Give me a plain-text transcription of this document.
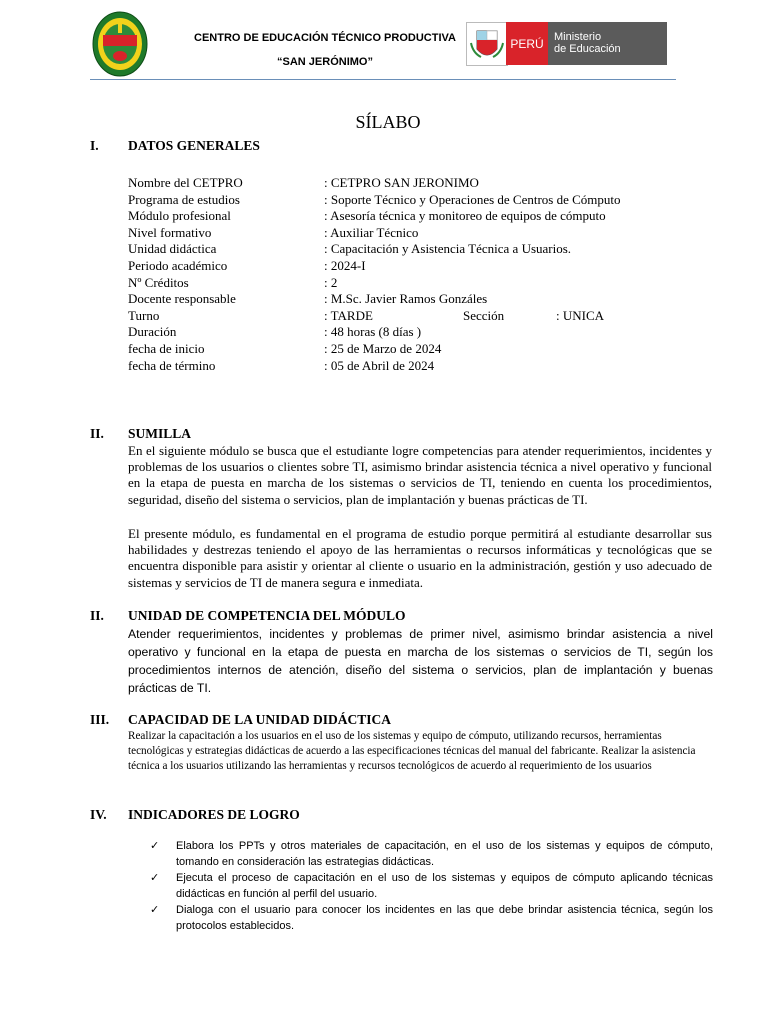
CENTRO DE EDUCACIÓN TÉCNICO PRODUCTIVA
“SAN JERÓNIMO”
PERÚ Ministerio
de Educación
SÍLABO
I. DATOS GENERALES
Nombre del CETPRO	: CETPRO SAN JERONIMO
Programa de estudios	: Soporte Técnico y Operaciones de Centros de Cómputo
Módulo profesional	: Asesoría técnica y monitoreo de equipos de cómputo
Nivel formativo	: Auxiliar Técnico
Unidad didáctica	: Capacitación y Asistencia Técnica a Usuarios.
Periodo académico	: 2024-I
Nº Créditos	: 2
Docente responsable	: M.Sc. Javier Ramos Gonzáles
Turno	: TARDE	Sección	: UNICA
Duración	: 48 horas (8 días )
fecha de inicio	: 25 de Marzo de 2024
fecha de término	: 05 de Abril de 2024
II. SUMILLA
En el siguiente módulo se busca que el estudiante logre competencias para atender requerimientos, incidentes y problemas de los usuarios o clientes sobre TI, asimismo brindar asistencia técnica a nivel operativo y funcional en la etapa de puesta en marcha de los sistemas o servicios de TI, teniendo en cuenta los procedimientos, seguridad, diseño del sistema o servicios, plan de implantación y buenas prácticas de TI.
El presente módulo, es fundamental en el programa de estudio porque permitirá al estudiante desarrollar sus habilidades y destrezas teniendo el apoyo de las herramientas o recursos informáticas y tecnológicas que se encuentra disponible para asistir y orientar al cliente o usuario en la administración, gestión y uso adecuado de sistemas y servicios de TI de manera segura e inmediata.
II. UNIDAD DE COMPETENCIA DEL MÓDULO
Atender requerimientos, incidentes y problemas de primer nivel, asimismo brindar asistencia a nivel operativo y funcional en la etapa de puesta en marcha de los sistemas o servicios de TI, según los procedimientos internos de atención, diseño del sistema o servicios, plan de implantación y buenas prácticas de TI.
III. CAPACIDAD DE LA UNIDAD DIDÁCTICA
Realizar la capacitación a los usuarios en el uso de los sistemas y equipo de cómputo, utilizando recursos, herramientas tecnológicas y estrategias didácticas de acuerdo a las especificaciones técnicas del manual del fabricante. Realizar la asistencia técnica a los usuarios utilizando las herramientas y recursos tecnológicos de acuerdo al requerimiento de los usuarios
IV. INDICADORES DE LOGRO
✓ Elabora los PPTs y otros materiales de capacitación, en el uso de los sistemas y equipos de cómputo, tomando en consideración las estrategias didácticas.
✓ Ejecuta el proceso de capacitación en el uso de los sistemas y equipos de cómputo aplicando técnicas didácticas en función al perfil del usuario.
✓ Dialoga con el usuario para conocer los incidentes en las que debe brindar asistencia técnica, según los protocolos establecidos.
